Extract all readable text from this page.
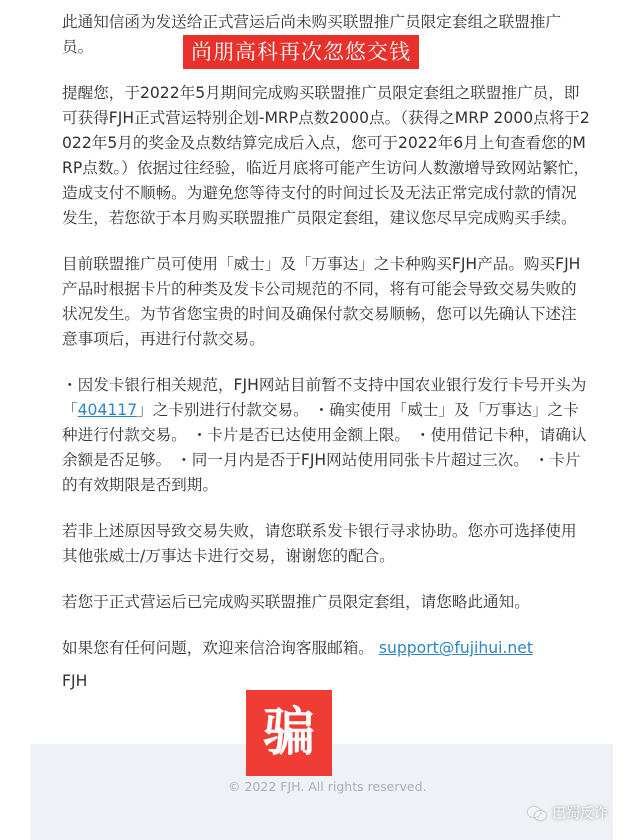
此通知信函为发送给正式营运后尚未购买联盟推广员限定套组之联盟推广员。

提醒您，于2022年5月期间完成购买联盟推广员限定套组之联盟推广员，即可获得FJH正式营运特别企划-MRP点数2000点。（获得之MRP 2000点将于2022年5月的奖金及点数结算完成后入点，您可于2022年6月上旬查看您的MRP点数。）依据过往经验，临近月底将可能产生访问人数激增导致网站繁忙，造成支付不顺畅。为避免您等待支付的时间过长及无法正常完成付款的情况发生，若您欲于本月购买联盟推广员限定套组，建议您尽早完成购买手续。

目前联盟推广员可使用「威士」及「万事达」之卡种购买FJH产品。购买FJH产品时根据卡片的种类及发卡公司规范的不同，将有可能会导致交易失败的状况发生。为节省您宝贵的时间及确保付款交易顺畅，您可以先确认下述注意事项后，再进行付款交易。

・因发卡银行相关规范，FJH网站目前暂不支持中国农业银行发行卡号开头为「404117」之卡别进行付款交易。 ・确实使用「威士」及「万事达」之卡种进行付款交易。 ・卡片是否已达使用金额上限。 ・使用借记卡种，请确认余额是否足够。 ・同一月内是否于FJH网站使用同张卡片超过三次。 ・卡片的有效期限是否到期。

若非上述原因导致交易失败，请您联系发卡银行寻求协助。您亦可选择使用其他张威士/万事达卡进行交易，谢谢您的配合。

若您于正式营运后已完成购买联盟推广员限定套组，请您略此通知。

如果您有任何问题，欢迎来信洽询客服邮箱。 support@fujihui.net

FJH
© 2022 FJH. All rights reserved.
尚朋高科再次忽悠交钱
骗
巴蜀反诈
